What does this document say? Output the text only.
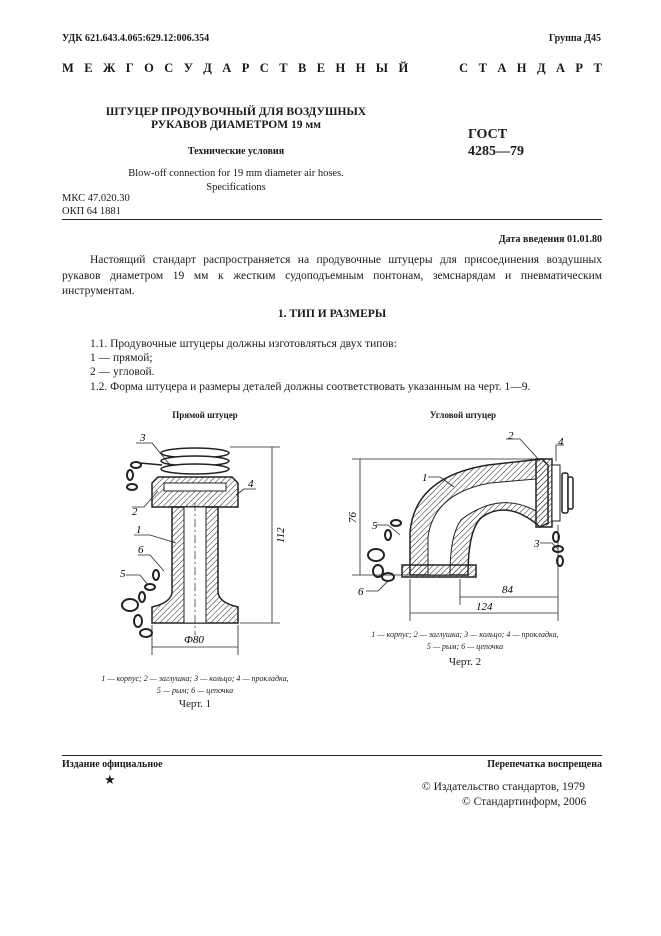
УДК 621.643.4.065:629.12:006.354	Группа Д45
М Е Ж Г О С У Д А Р С Т В Е Н Н Ы Й

	С Т А Н Д А Р Т
ШТУЦЕР ПРОДУВОЧНЫЙ ДЛЯ ВОЗДУШНЫХ
РУКАВОВ ДИАМЕТРОМ 19 мм
ГОСТ
4285—79
Технические условия
Blow-off connection for 19 mm diameter air hoses.
Specifications
МКС 47.020.30
ОКП 64 1881
Дата введения 01.01.80
Настоящий стандарт распространяется на продувочные штуцеры для присоединения воздушных рукавов диаметром 19 мм к жестким судоподъемным понтонам, земснарядам и пневматическим инструментам.
1. ТИП И РАЗМЕРЫ
1.1. Продувочные штуцеры должны изготовляться двух типов:
1 — прямой;
2 — угловой.
1.2. Форма штуцера и размеры деталей должны соответствовать указанным на черт. 1—9.
Прямой штуцер
3
2
4
1
6
5
112
Ф80
1 — корпус; 2 — заглушка; 3 — кольцо; 4 — прокладка,
5 — рым; 6 — цепочка
Черт. 1
Угловой штуцер
2	4
1
3
5
6
76
84
124
1 — корпус; 2 — заглушка; 3 — кольцо; 4 — прокладка,
5 — рым; 6 — цепочка
Черт. 2
Издание официальное	Перепечатка воспрещена
★	© Издательство стандартов, 1979
© Стандартинформ, 2006
